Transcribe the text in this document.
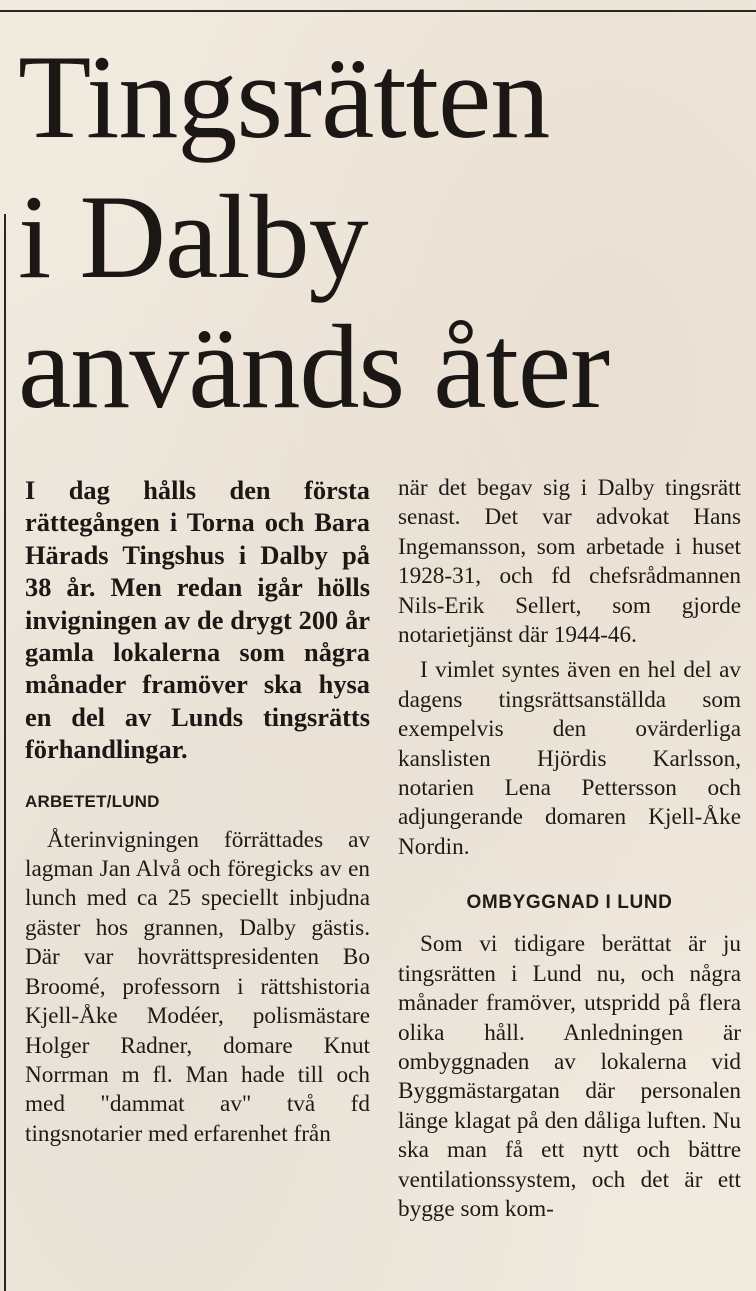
Tingsrätten
i Dalby
används åter

I dag hålls den första rättegången i Torna och Bara Härads Tingshus i Dalby på 38 år. Men redan igår hölls invigningen av de drygt 200 år gamla lokalerna som några månader framöver ska hysa en del av Lunds tingsrätts förhandlingar.

ARBETET/LUND

Återinvigningen förrättades av lagman Jan Alvå och föregicks av en lunch med ca 25 speciellt inbjudna gäster hos grannen, Dalby gästis. Där var hovrättspresidenten Bo Broomé, professorn i rättshistoria Kjell-Åke Modéer, polismästare Holger Radner, domare Knut Norrman m fl. Man hade till och med "dammat av" två fd tingsnotarier med erfarenhet från

när det begav sig i Dalby tingsrätt senast. Det var advokat Hans Ingemansson, som arbetade i huset 1928-31, och fd chefsrådmannen Nils-Erik Sellert, som gjorde notarietjänst där 1944-46.

I vimlet syntes även en hel del av dagens tingsrättsanställda som exempelvis den ovärderliga kanslisten Hjördis Karlsson, notarien Lena Pettersson och adjungerande domaren Kjell-Åke Nordin.

OMBYGGNAD I LUND

Som vi tidigare berättat är ju tingsrätten i Lund nu, och några månader framöver, utspridd på flera olika håll. Anledningen är ombyggnaden av lokalerna vid Byggmästargatan där personalen länge klagat på den dåliga luften. Nu ska man få ett nytt och bättre ventilationssystem, och det är ett bygge som kom-
